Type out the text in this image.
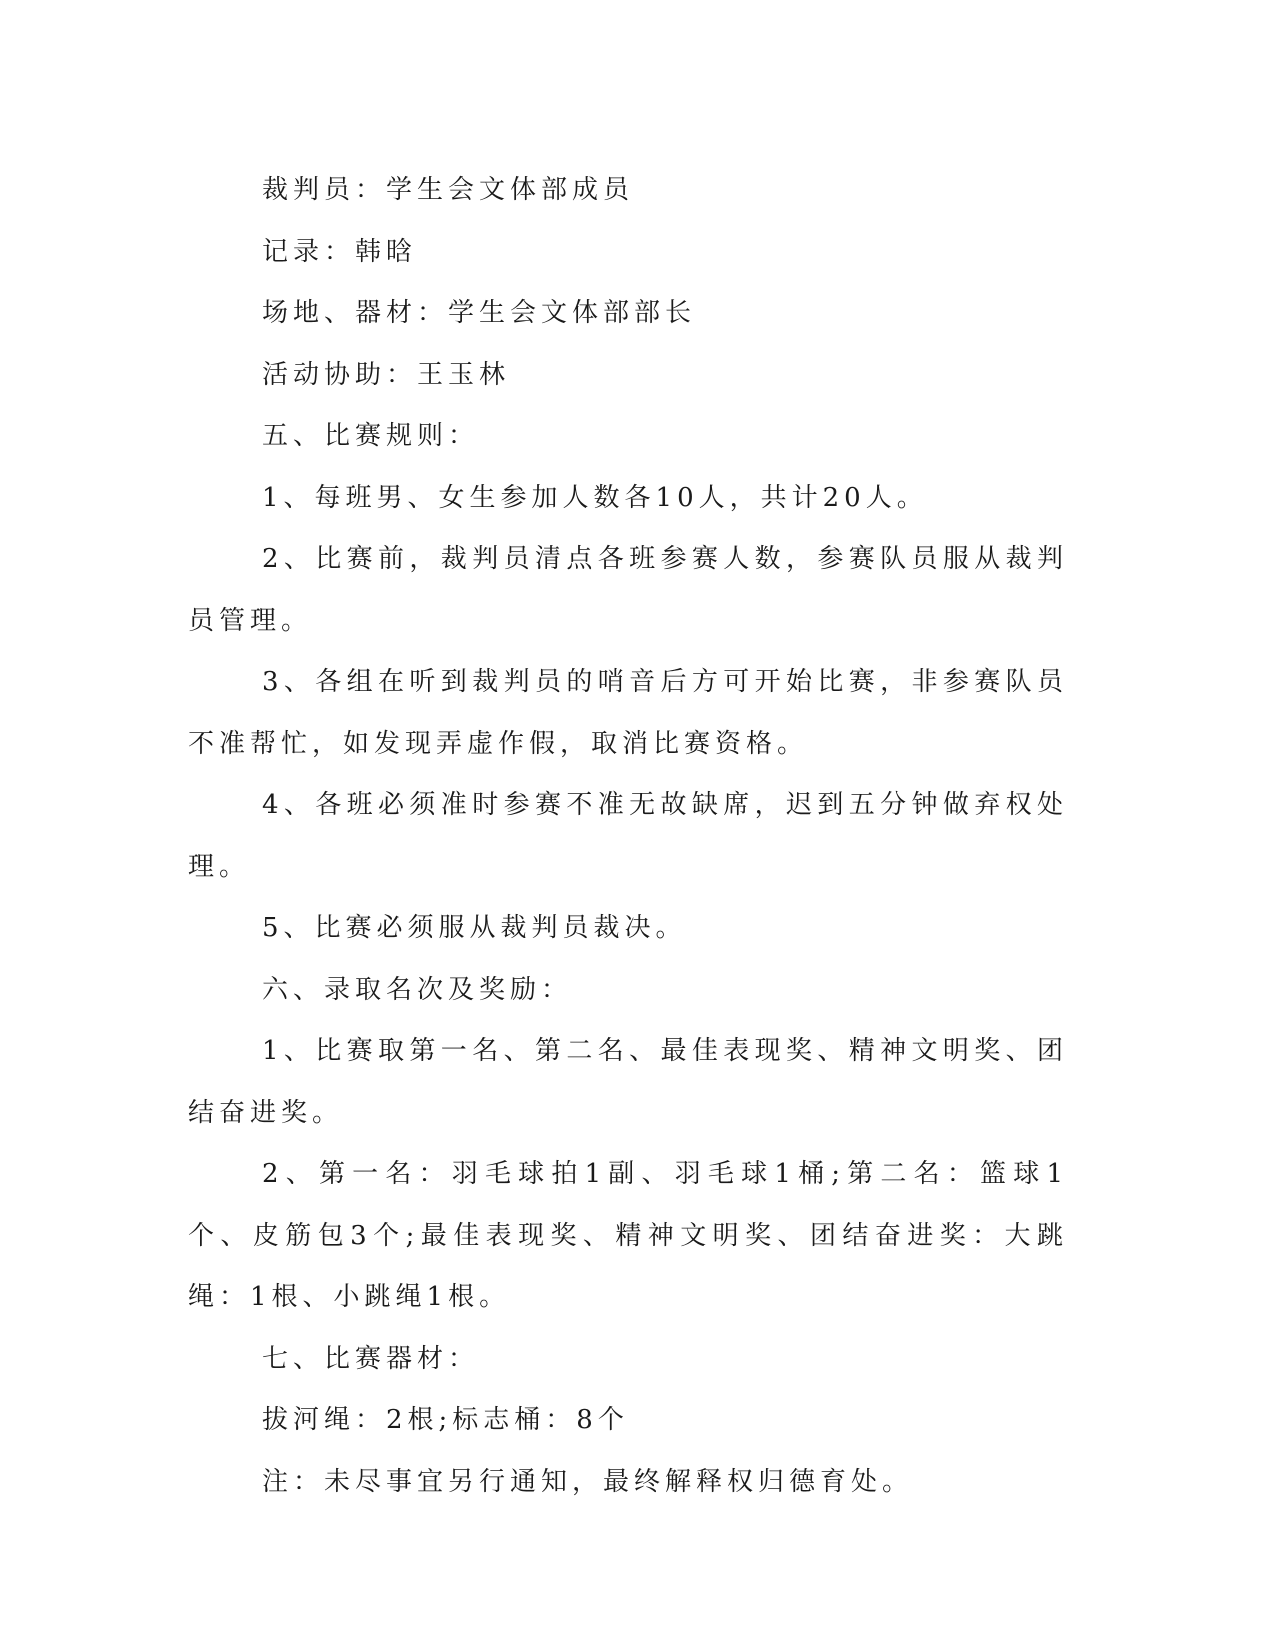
裁判员：学生会文体部成员

记录：韩晗

场地、器材：学生会文体部部长

活动协助：王玉林

五、比赛规则：

1、每班男、女生参加人数各10人，共计20人。

2、比赛前，裁判员清点各班参赛人数，参赛队员服从裁判员管理。

3、各组在听到裁判员的哨音后方可开始比赛，非参赛队员不准帮忙，如发现弄虚作假，取消比赛资格。

4、各班必须准时参赛不准无故缺席，迟到五分钟做弃权处理。

5、比赛必须服从裁判员裁决。

六、录取名次及奖励：

1、比赛取第一名、第二名、最佳表现奖、精神文明奖、团结奋进奖。

2、第一名：羽毛球拍1副、羽毛球1桶;第二名：篮球1个、皮筋包3个;最佳表现奖、精神文明奖、团结奋进奖：大跳绳：1根、小跳绳1根。

七、比赛器材：

拔河绳：2根;标志桶：8个

注：未尽事宜另行通知，最终解释权归德育处。
